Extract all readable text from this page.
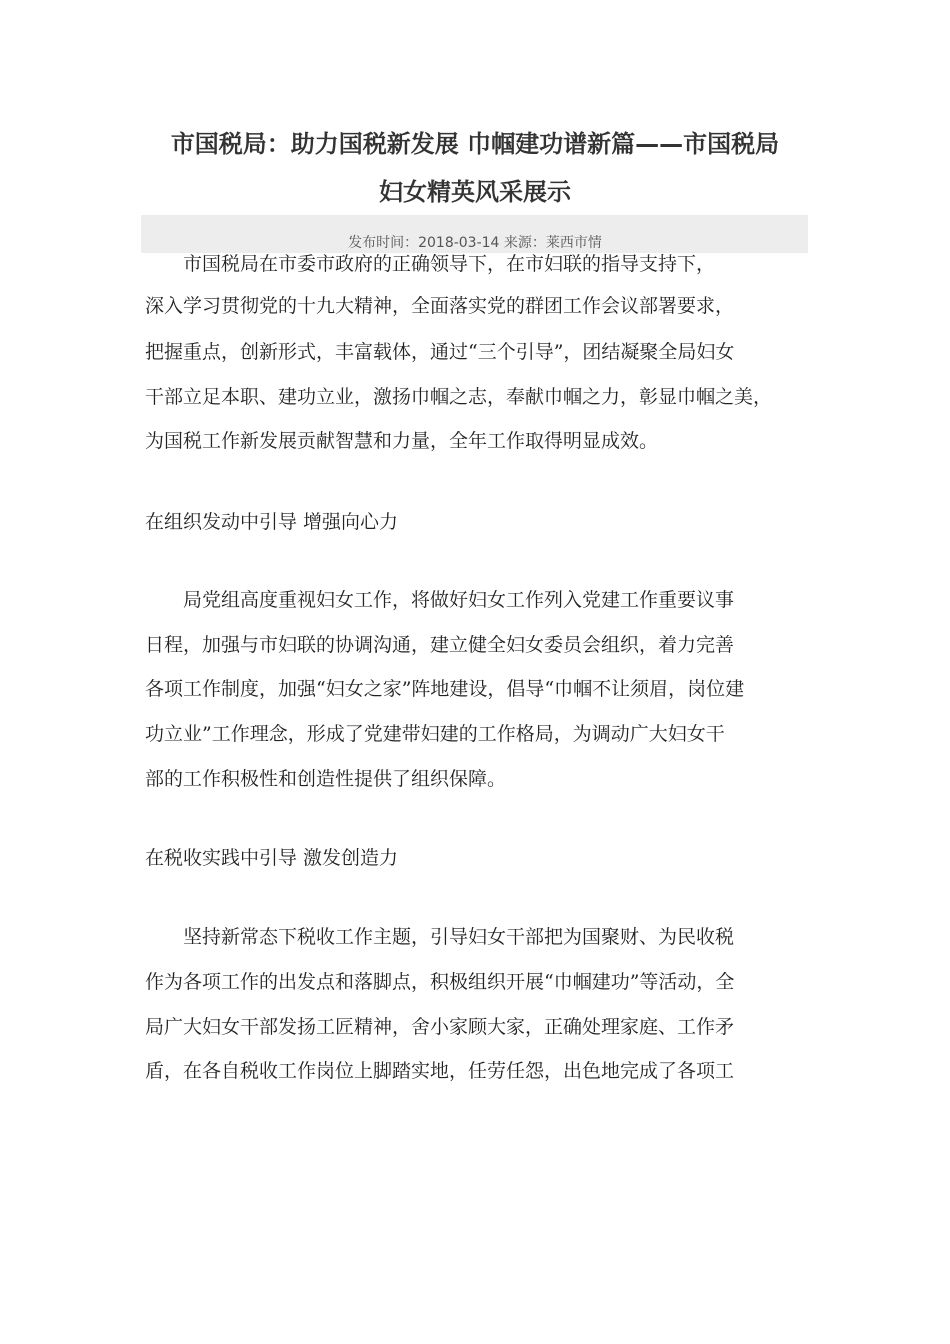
市国税局：助力国税新发展 巾帼建功谱新篇——市国税局
妇女精英风采展示
发布时间：2018-03-14 来源：莱西市情
　　市国税局在市委市政府的正确领导下，在市妇联的指导支持下，
深入学习贯彻党的十九大精神，全面落实党的群团工作会议部署要求，
把握重点，创新形式，丰富载体，通过“三个引导”，团结凝聚全局妇女
干部立足本职、建功立业，激扬巾帼之志，奉献巾帼之力，彰显巾帼之美，
为国税工作新发展贡献智慧和力量，全年工作取得明显成效。
在组织发动中引导 增强向心力
　　局党组高度重视妇女工作，将做好妇女工作列入党建工作重要议事
日程，加强与市妇联的协调沟通，建立健全妇女委员会组织，着力完善
各项工作制度，加强“妇女之家”阵地建设，倡导“巾帼不让须眉，岗位建
功立业”工作理念，形成了党建带妇建的工作格局，为调动广大妇女干
部的工作积极性和创造性提供了组织保障。
在税收实践中引导 激发创造力
　　坚持新常态下税收工作主题，引导妇女干部把为国聚财、为民收税
作为各项工作的出发点和落脚点，积极组织开展“巾帼建功”等活动，全
局广大妇女干部发扬工匠精神，舍小家顾大家，正确处理家庭、工作矛
盾，在各自税收工作岗位上脚踏实地，任劳任怨，出色地完成了各项工
